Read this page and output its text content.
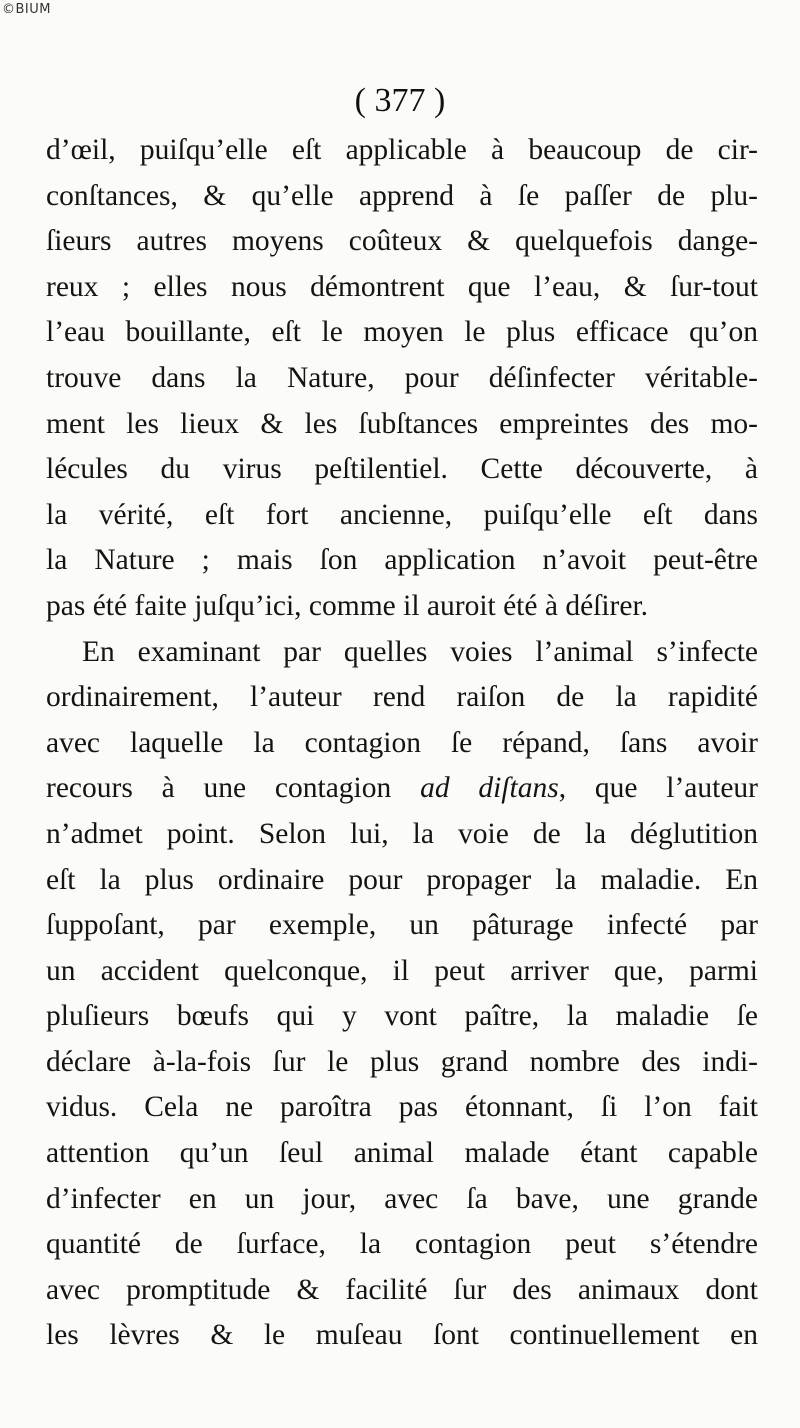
©BIUM
( 377 )
d’œil, puiſqu’elle eſt applicable à beaucoup de cir-
conſtances, & qu’elle apprend à ſe paſſer de plu-
ſieurs autres moyens coûteux & quelquefois dange-
reux ; elles nous démontrent que l’eau, & ſur-tout
l’eau bouillante, eſt le moyen le plus efficace qu’on
trouve dans la Nature, pour déſinfecter véritable-
ment les lieux & les ſubſtances empreintes des mo-
lécules du virus peſtilentiel. Cette découverte, à
la vérité, eſt fort ancienne, puiſqu’elle eſt dans
la Nature ; mais ſon application n’avoit peut-être
pas été faite juſqu’ici, comme il auroit été à déſirer.
En examinant par quelles voies l’animal s’infecte
ordinairement, l’auteur rend raiſon de la rapidité
avec laquelle la contagion ſe répand, ſans avoir
recours à une contagion ad diſtans, que l’auteur
n’admet point. Selon lui, la voie de la déglutition
eſt la plus ordinaire pour propager la maladie. En
ſuppoſant, par exemple, un pâturage infecté par
un accident quelconque, il peut arriver que, parmi
pluſieurs bœufs qui y vont paître, la maladie ſe
déclare à-la-fois ſur le plus grand nombre des indi-
vidus. Cela ne paroîtra pas étonnant, ſi l’on fait
attention qu’un ſeul animal malade étant capable
d’infecter en un jour, avec ſa bave, une grande
quantité de ſurface, la contagion peut s’étendre
avec promptitude & facilité ſur des animaux dont
les lèvres & le muſeau ſont continuellement en
